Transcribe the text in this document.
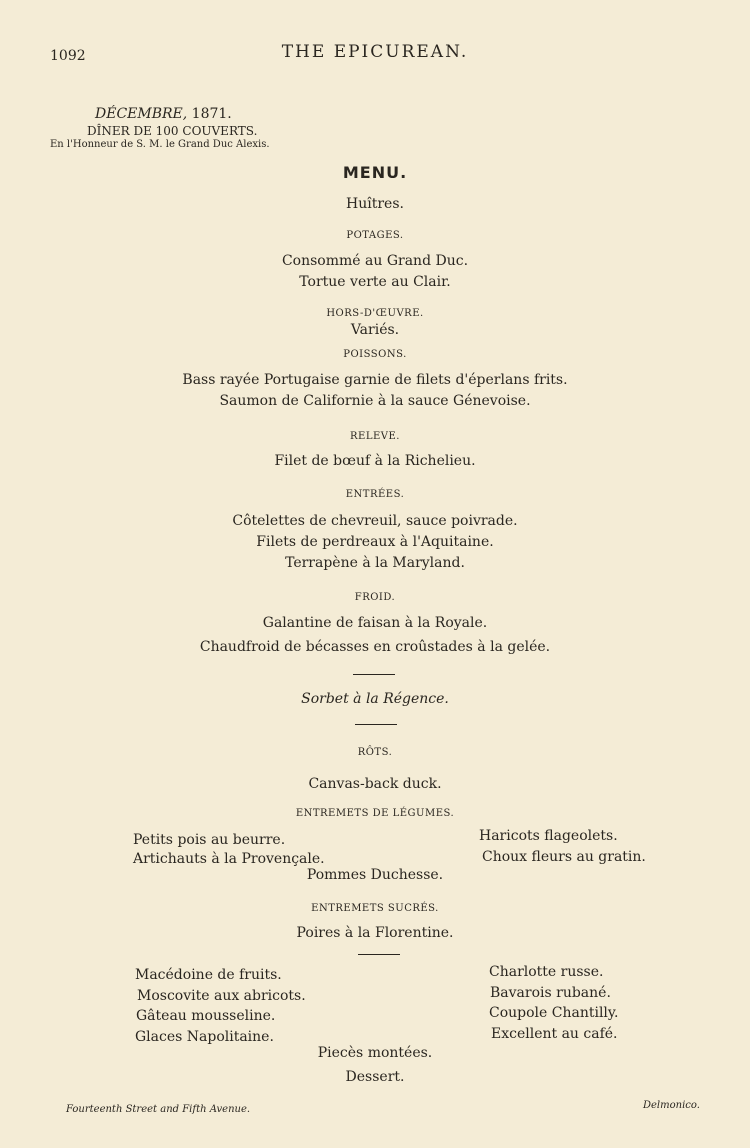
1092	THE EPICUREAN.
DÉCEMBRE, 1871.
DÎNER DE 100 COUVERTS.
En l'Honneur de S. M. le Grand Duc Alexis.
MENU.
Huîtres.
POTAGES.
Consommé au Grand Duc.
Tortue verte au Clair.
HORS-D'ŒUVRE.
Variés.
POISSONS.
Bass rayée Portugaise garnie de filets d'éperlans frits.
Saumon de Californie à la sauce Génevoise.
RELEVE.
Filet de bœuf à la Richelieu.
ENTRÉES.
Côtelettes de chevreuil, sauce poivrade.
Filets de perdreaux à l'Aquitaine.
Terrapène à la Maryland.
FROID.
Galantine de faisan à la Royale.
Chaudfroid de bécasses en croûstades à la gelée.
Sorbet à la Régence.
RÔTS.
Canvas-back duck.
ENTREMETS DE LÉGUMES.
Petits pois au beurre.
Artichauts à la Provençale.
Haricots flageolets.
Choux fleurs au gratin.
Pommes Duchesse.
ENTREMETS SUCRÉS.
Poires à la Florentine.
Macédoine de fruits.
Moscovite aux abricots.
Gâteau mousseline.
Glaces Napolitaine.
Charlotte russe.
Bavarois rubané.
Coupole Chantilly.
Excellent au café.
Piecès montées.
Dessert.
Fourteenth Street and Fifth Avenue.	Delmonico.
